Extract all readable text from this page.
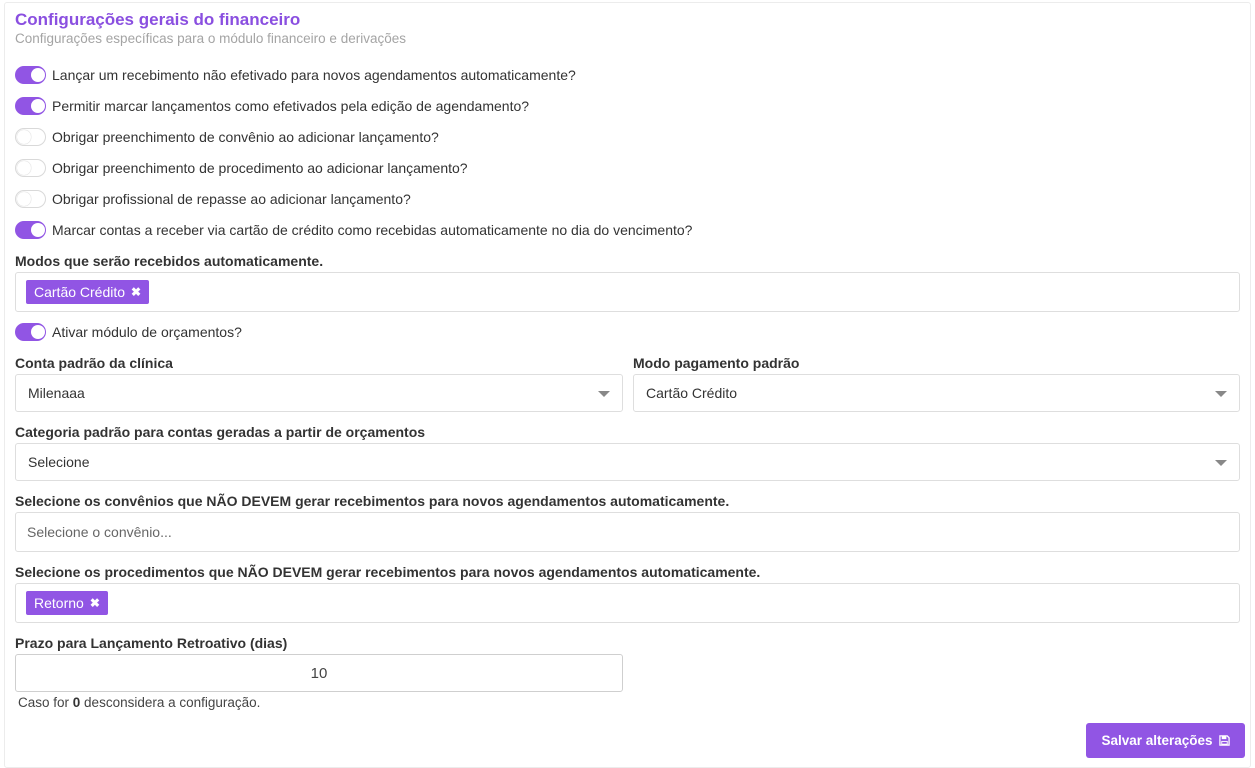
Configurações gerais do financeiro
Configurações específicas para o módulo financeiro e derivações
Lançar um recebimento não efetivado para novos agendamentos automaticamente?
Permitir marcar lançamentos como efetivados pela edição de agendamento?
Obrigar preenchimento de convênio ao adicionar lançamento?
Obrigar preenchimento de procedimento ao adicionar lançamento?
Obrigar profissional de repasse ao adicionar lançamento?
Marcar contas a receber via cartão de crédito como recebidas automaticamente no dia do vencimento?
Modos que serão recebidos automaticamente.
Cartão Crédito ✖
Ativar módulo de orçamentos?
Conta padrão da clínica
Milenaaa
Modo pagamento padrão
Cartão Crédito
Categoria padrão para contas geradas a partir de orçamentos
Selecione
Selecione os convênios que NÃO DEVEM gerar recebimentos para novos agendamentos automaticamente.
Selecione o convênio...
Selecione os procedimentos que NÃO DEVEM gerar recebimentos para novos agendamentos automaticamente.
Retorno ✖
Prazo para Lançamento Retroativo (dias)
10
Caso for 0 desconsidera a configuração.
Salvar alterações
